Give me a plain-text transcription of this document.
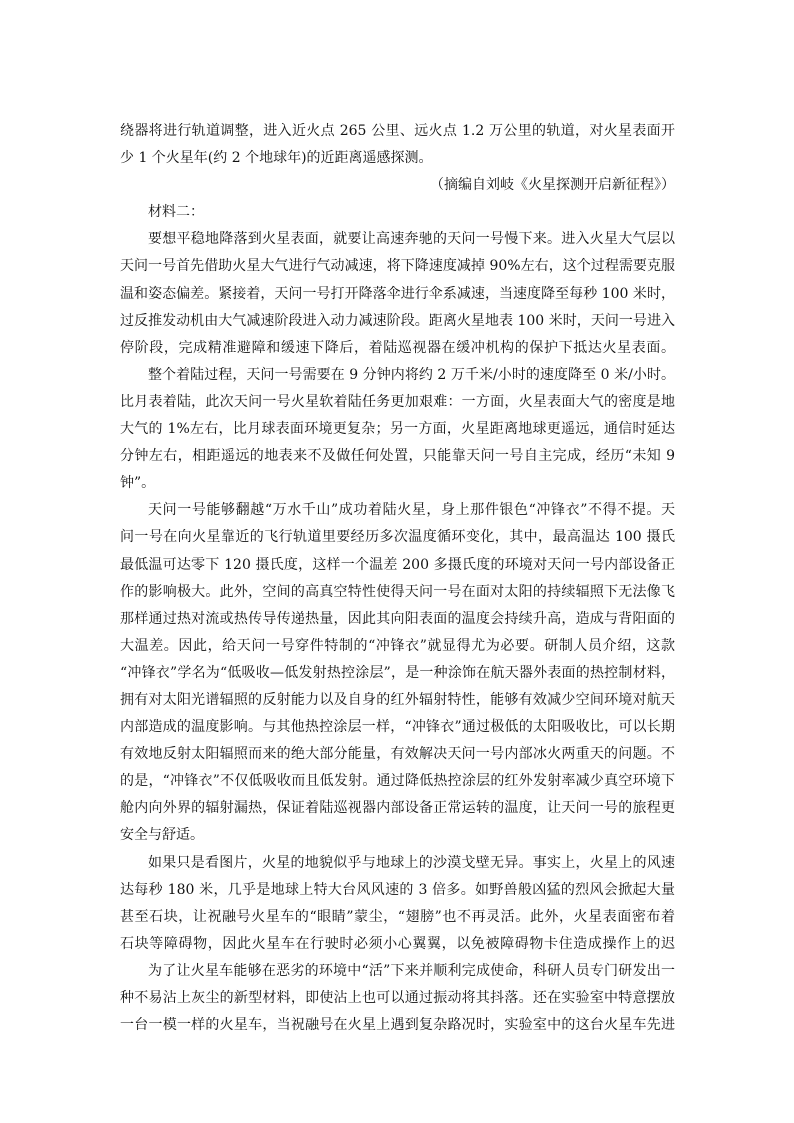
绕器将进行轨道调整，进入近火点 265 公里、远火点 1.2 万公里的轨道，对火星表面开
少 1 个火星年(约 2 个地球年)的近距离遥感探测。
（摘编自刘岐《火星探测开启新征程》）
材料二：
要想平稳地降落到火星表面，就要让高速奔驰的天问一号慢下来。进入火星大气层以
天问一号首先借助火星大气进行气动减速，将下降速度减掉 90%左右，这个过程需要克服
温和姿态偏差。紧接着，天问一号打开降落伞进行伞系减速，当速度降至每秒 100 米时，
过反推发动机由大气减速阶段进入动力减速阶段。距离火星地表 100 米时，天问一号进入
停阶段，完成精准避障和缓速下降后，着陆巡视器在缓冲机构的保护下抵达火星表面。
整个着陆过程，天问一号需要在 9 分钟内将约 2 万千米/小时的速度降至 0 米/小时。
比月表着陆，此次天问一号火星软着陆任务更加艰难：一方面，火星表面大气的密度是地
大气的 1%左右，比月球表面环境更复杂；另一方面，火星距离地球更遥远，通信时延达
分钟左右，相距遥远的地表来不及做任何处置，只能靠天问一号自主完成，经历“未知 9
钟”。
天问一号能够翻越“万水千山”成功着陆火星，身上那件银色“冲锋衣”不得不提。天
问一号在向火星靠近的飞行轨道里要经历多次温度循环变化，其中，最高温达 100 摄氏
最低温可达零下 120 摄氏度，这样一个温差 200 多摄氏度的环境对天问一号内部设备正
作的影响极大。此外，空间的高真空特性使得天问一号在面对太阳的持续辐照下无法像飞
那样通过热对流或热传导传递热量，因此其向阳表面的温度会持续升高，造成与背阳面的
大温差。因此，给天问一号穿件特制的“冲锋衣”就显得尤为必要。研制人员介绍，这款
“冲锋衣”学名为“低吸收—低发射热控涂层”，是一种涂饰在航天器外表面的热控制材料，
拥有对太阳光谱辐照的反射能力以及自身的红外辐射特性，能够有效减少空间环境对航天
内部造成的温度影响。与其他热控涂层一样，“冲锋衣”通过极低的太阳吸收比，可以长期
有效地反射太阳辐照而来的绝大部分能量，有效解决天问一号内部冰火两重天的问题。不
的是，“冲锋衣”不仅低吸收而且低发射。通过降低热控涂层的红外发射率减少真空环境下
舱内向外界的辐射漏热，保证着陆巡视器内部设备正常运转的温度，让天问一号的旅程更
安全与舒适。
如果只是看图片，火星的地貌似乎与地球上的沙漠戈壁无异。事实上，火星上的风速
达每秒 180 米，几乎是地球上特大台风风速的 3 倍多。如野兽般凶猛的烈风会掀起大量
甚至石块，让祝融号火星车的“眼睛”蒙尘，“翅膀”也不再灵活。此外，火星表面密布着
石块等障碍物，因此火星车在行驶时必须小心翼翼，以免被障碍物卡住造成操作上的迟
为了让火星车能够在恶劣的环境中“活”下来并顺利完成使命，科研人员专门研发出一
种不易沾上灰尘的新型材料，即使沾上也可以通过振动将其抖落。还在实验室中特意摆放
一台一模一样的火星车，当祝融号在火星上遇到复杂路况时，实验室中的这台火星车先进
